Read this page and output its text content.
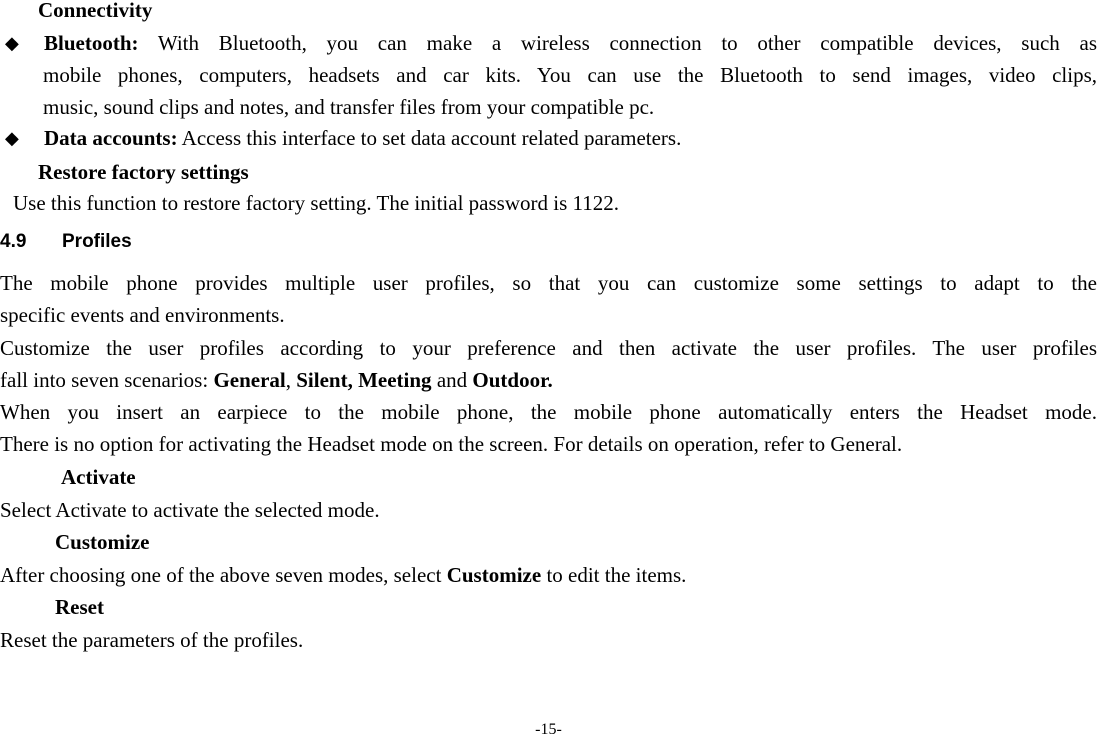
Connectivity
◆ Bluetooth: With Bluetooth, you can make a wireless connection to other compatible devices, such as
mobile phones, computers, headsets and car kits. You can use the Bluetooth to send images, video clips,
music, sound clips and notes, and transfer files from your compatible pc.
◆ Data accounts: Access this interface to set data account related parameters.
Restore factory settings
Use this function to restore factory setting. The initial password is 1122.
4.9 Profiles
The mobile phone provides multiple user profiles, so that you can customize some settings to adapt to the
specific events and environments.
Customize the user profiles according to your preference and then activate the user profiles. The user profiles
fall into seven scenarios: General, Silent, Meeting and Outdoor.
When you insert an earpiece to the mobile phone, the mobile phone automatically enters the Headset mode.
There is no option for activating the Headset mode on the screen. For details on operation, refer to General.
Activate
Select Activate to activate the selected mode.
Customize
After choosing one of the above seven modes, select Customize to edit the items.
Reset
Reset the parameters of the profiles.
-15-
